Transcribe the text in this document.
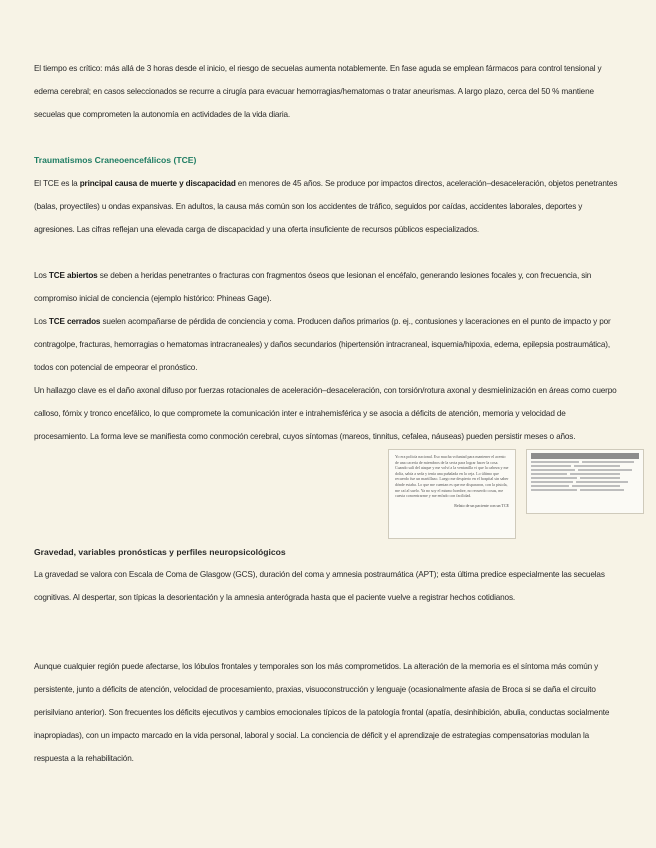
El tiempo es crítico: más allá de 3 horas desde el inicio, el riesgo de secuelas aumenta notablemente. En fase aguda se emplean fármacos para control tensional y edema cerebral; en casos seleccionados se recurre a cirugía para evacuar hemorragias/hematomas o tratar aneurismas. A largo plazo, cerca del 50 % mantiene secuelas que comprometen la autonomía en actividades de la vida diaria.

Traumatismos Craneoencefálicos (TCE)

El TCE es la principal causa de muerte y discapacidad en menores de 45 años. Se produce por impactos directos, aceleración–desaceleración, objetos penetrantes (balas, proyectiles) u ondas expansivas. En adultos, la causa más común son los accidentes de tráfico, seguidos por caídas, accidentes laborales, deportes y agresiones. Las cifras reflejan una elevada carga de discapacidad y una oferta insuficiente de recursos públicos especializados.

Los TCE abiertos se deben a heridas penetrantes o fracturas con fragmentos óseos que lesionan el encéfalo, generando lesiones focales y, con frecuencia, sin compromiso inicial de conciencia (ejemplo histórico: Phineas Gage).

Los TCE cerrados suelen acompañarse de pérdida de conciencia y coma. Producen daños primarios (p. ej., contusiones y laceraciones en el punto de impacto y por contragolpe, fracturas, hemorragias o hematomas intracraneales) y daños secundarios (hipertensión intracraneal, isquemia/hipoxia, edema, epilepsia postraumática), todos con potencial de empeorar el pronóstico.

Un hallazgo clave es el daño axonal difuso por fuerzas rotacionales de aceleración–desaceleración, con torsión/rotura axonal y desmielinización en áreas como cuerpo calloso, fórnix y tronco encefálico, lo que compromete la comunicación inter e intrahemisférica y se asocia a déficits de atención, memoria y velocidad de procesamiento. La forma leve se manifiesta como conmoción cerebral, cuyos síntomas (mareos, tinnitus, cefalea, náuseas) pueden persistir meses o años.

Yo era policía nacional. Eso mucha voluntad para mantener el acento de una cacería de miembros de la secta para lograr hacer la cosa. Cuando salí del ataque y me volví a la ventanilla vi que la cabeza y me dolía, sabía a seda y tenía una puñalada en la ceja. Lo último que recuerdo fue un martillazo. Luego me despierto en el hospital sin saber dónde estaba. Lo que me cuentan es que me dispararon, con la pistola, me caí al suelo. Ya no soy el mismo hombre, no recuerdo cosas, me cuesta concentrarme y me enfado con facilidad.

Relato de un paciente con un TCE

Gravedad, variables pronósticas y perfiles neuropsicológicos

La gravedad se valora con Escala de Coma de Glasgow (GCS), duración del coma y amnesia postraumática (APT); esta última predice especialmente las secuelas cognitivas. Al despertar, son típicas la desorientación y la amnesia anterógrada hasta que el paciente vuelve a registrar hechos cotidianos.

Aunque cualquier región puede afectarse, los lóbulos frontales y temporales son los más comprometidos. La alteración de la memoria es el síntoma más común y persistente, junto a déficits de atención, velocidad de procesamiento, praxias, visuoconstrucción y lenguaje (ocasionalmente afasia de Broca si se daña el circuito perisilviano anterior). Son frecuentes los déficits ejecutivos y cambios emocionales típicos de la patología frontal (apatía, desinhibición, abulia, conductas socialmente inapropiadas), con un impacto marcado en la vida personal, laboral y social. La conciencia de déficit y el aprendizaje de estrategias compensatorias modulan la respuesta a la rehabilitación.
